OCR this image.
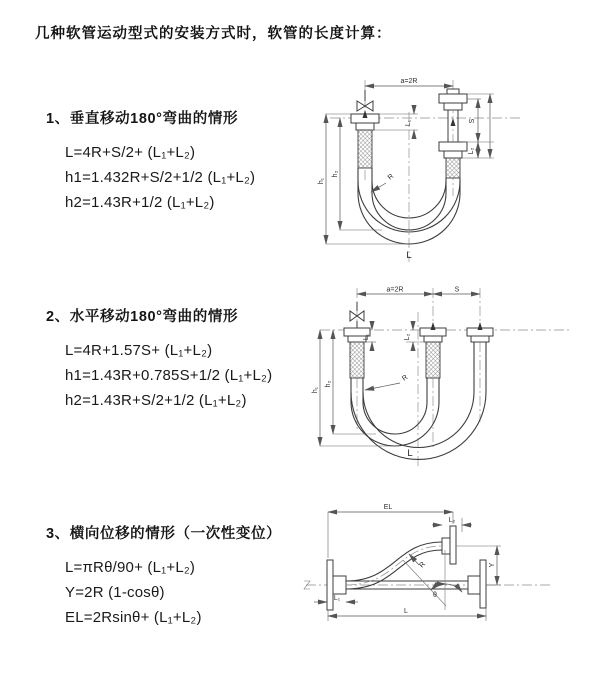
几种软管运动型式的安装方式时，软管的长度计算：
1、垂直移动180°弯曲的情形
L=4R+S/2+ (L₁+L₂)
h1=1.432R+S/2+1/2 (L₁+L₂)
h2=1.43R+1/2 (L₁+L₂)
2、水平移动180°弯曲的情形
L=4R+1.57S+ (L₁+L₂)
h1=1.43R+0.785S+1/2 (L₁+L₂)
h2=1.43R+S/2+1/2 (L₁+L₂)
3、横向位移的情形（一次性变位）
L=πRθ/90+ (L₁+L₂)
Y=2R (1-cosθ)
EL=2Rsinθ+ (L₁+L₂)
a=2R
h₁
h₂
L₁	S
L₂
R
L
a=2R	S
h₁
h₂
L₁	L₂
R
L
EL
L₂
Y
θ
R
L
L₁
